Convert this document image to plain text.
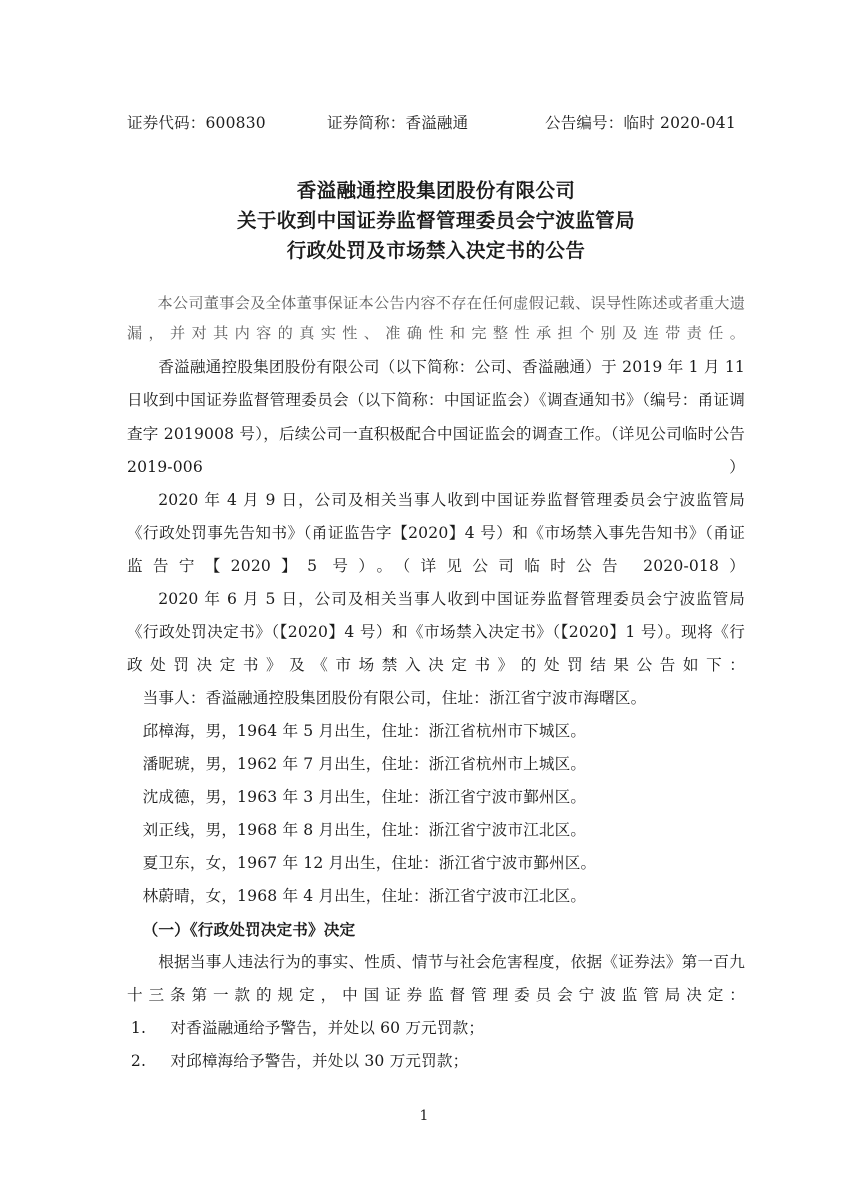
证券代码：600830	证券简称：香溢融通	公告编号：临时 2020-041
香溢融通控股集团股份有限公司
关于收到中国证券监督管理委员会宁波监管局
行政处罚及市场禁入决定书的公告
本公司董事会及全体董事保证本公告内容不存在任何虚假记载、误导性陈述或者重大遗漏，并对其内容的真实性、准确性和完整性承担个别及连带责任。

香溢融通控股集团股份有限公司（以下简称：公司、香溢融通）于 2019 年 1 月 11 日收到中国证券监督管理委员会（以下简称：中国证监会）《调查通知书》（编号：甬证调查字 2019008 号），后续公司一直积极配合中国证监会的调查工作。（详见公司临时公告 2019-006）

2020 年 4 月 9 日，公司及相关当事人收到中国证券监督管理委员会宁波监管局《行政处罚事先告知书》（甬证监告字【2020】4 号）和《市场禁入事先告知书》（甬证监告宁【2020】5 号）。（详见公司临时公告 2020-018）

2020 年 6 月 5 日，公司及相关当事人收到中国证券监督管理委员会宁波监管局《行政处罚决定书》（【2020】4 号）和《市场禁入决定书》（【2020】1 号）。现将《行政处罚决定书》及《市场禁入决定书》的处罚结果公告如下：

当事人：香溢融通控股集团股份有限公司，住址：浙江省宁波市海曙区。

邱樟海，男，1964 年 5 月出生，住址：浙江省杭州市下城区。

潘昵琥，男，1962 年 7 月出生，住址：浙江省杭州市上城区。

沈成德，男，1963 年 3 月出生，住址：浙江省宁波市鄞州区。

刘正线，男，1968 年 8 月出生，住址：浙江省宁波市江北区。

夏卫东，女，1967 年 12 月出生，住址：浙江省宁波市鄞州区。

林蔚晴，女，1968 年 4 月出生，住址：浙江省宁波市江北区。

（一）《行政处罚决定书》决定

根据当事人违法行为的事实、性质、情节与社会危害程度，依据《证券法》第一百九十三条第一款的规定，中国证券监督管理委员会宁波监管局决定：

1. 对香溢融通给予警告，并处以 60 万元罚款；

2. 对邱樟海给予警告，并处以 30 万元罚款；

1
